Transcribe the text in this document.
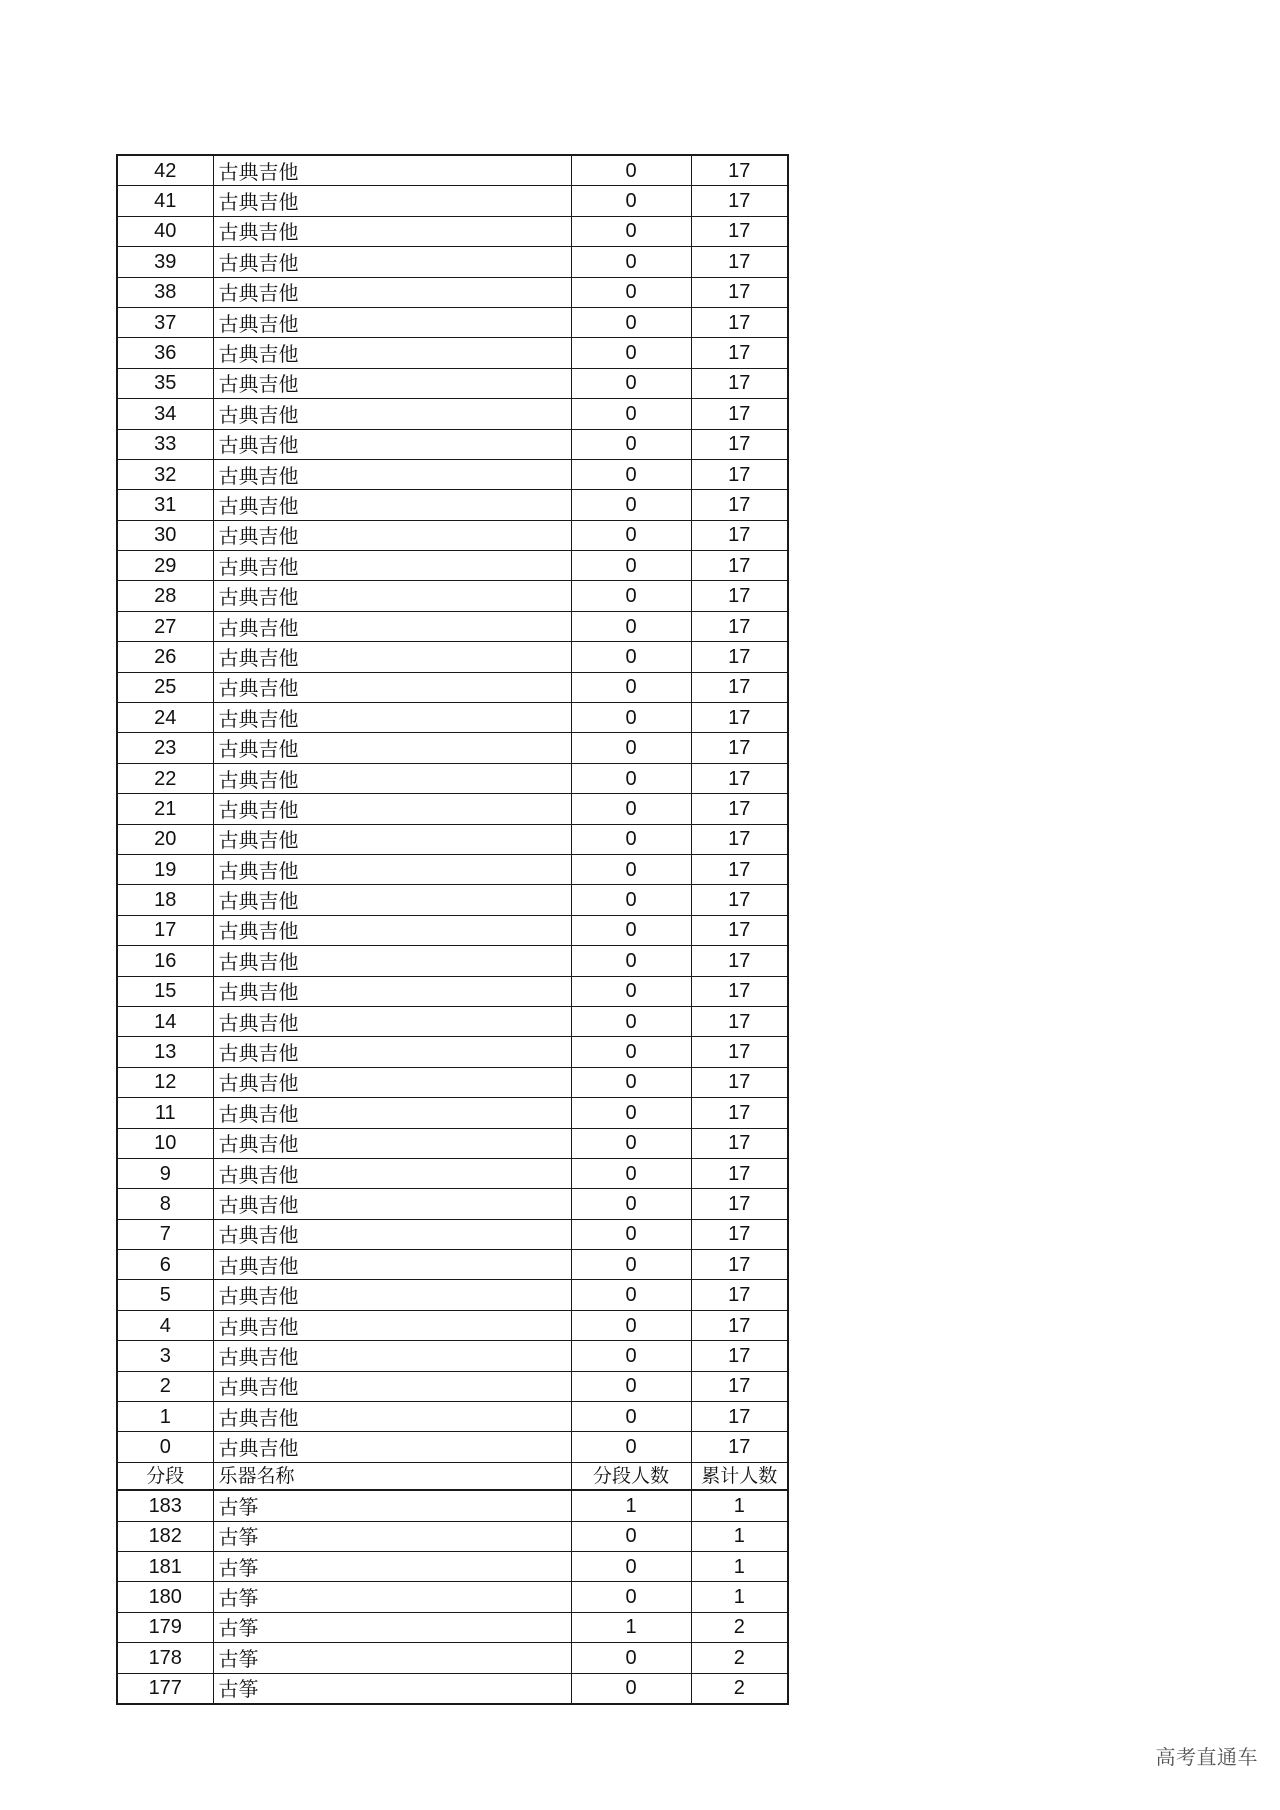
42	古典吉他	0	17
41	古典吉他	0	17
40	古典吉他	0	17
39	古典吉他	0	17
38	古典吉他	0	17
37	古典吉他	0	17
36	古典吉他	0	17
35	古典吉他	0	17
34	古典吉他	0	17
33	古典吉他	0	17
32	古典吉他	0	17
31	古典吉他	0	17
30	古典吉他	0	17
29	古典吉他	0	17
28	古典吉他	0	17
27	古典吉他	0	17
26	古典吉他	0	17
25	古典吉他	0	17
24	古典吉他	0	17
23	古典吉他	0	17
22	古典吉他	0	17
21	古典吉他	0	17
20	古典吉他	0	17
19	古典吉他	0	17
18	古典吉他	0	17
17	古典吉他	0	17
16	古典吉他	0	17
15	古典吉他	0	17
14	古典吉他	0	17
13	古典吉他	0	17
12	古典吉他	0	17
11	古典吉他	0	17
10	古典吉他	0	17
9	古典吉他	0	17
8	古典吉他	0	17
7	古典吉他	0	17
6	古典吉他	0	17
5	古典吉他	0	17
4	古典吉他	0	17
3	古典吉他	0	17
2	古典吉他	0	17
1	古典吉他	0	17
0	古典吉他	0	17
分段	乐器名称	分段人数	累计人数
183	古筝	1	1
182	古筝	0	1
181	古筝	0	1
180	古筝	0	1
179	古筝	1	2
178	古筝	0	2
177	古筝	0	2
高考直通车
